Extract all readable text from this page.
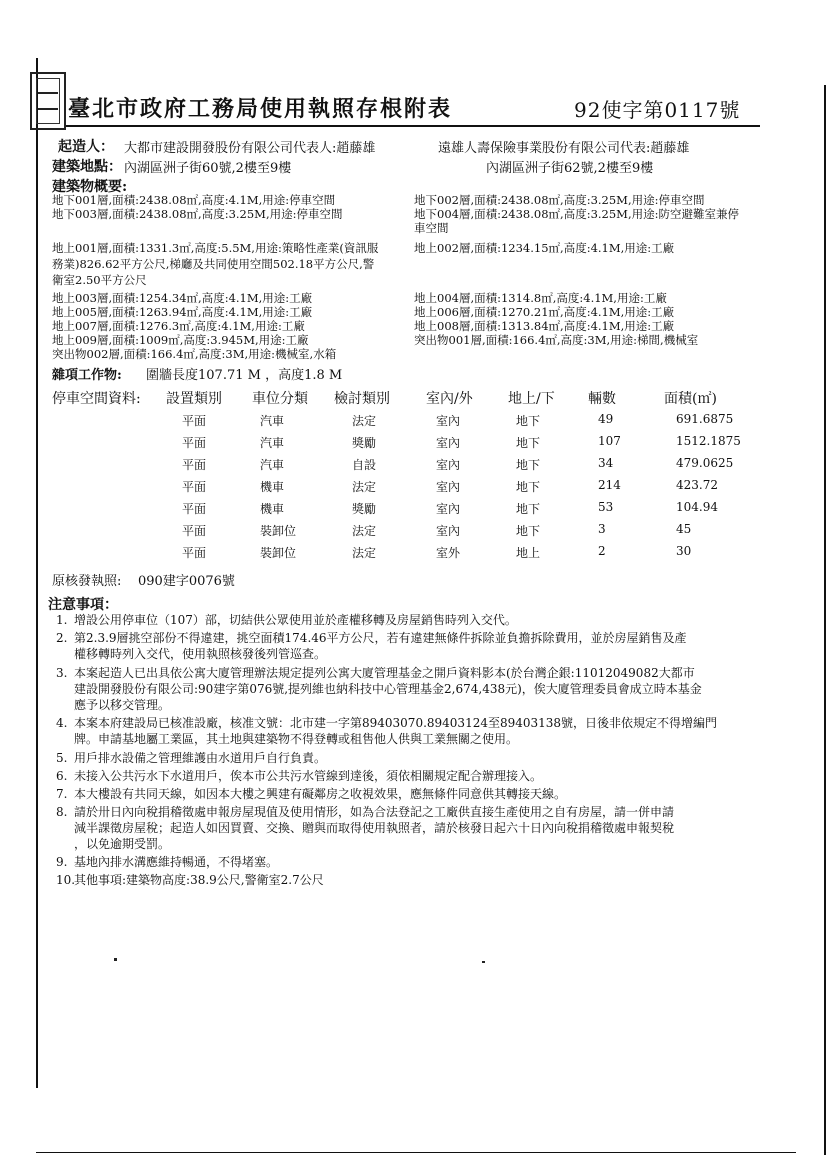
臺北市政府工務局使用執照存根附表	92使字第0117號
起造人： 大都市建設開發股份有限公司代表人:趙藤雄	遠雄人壽保險事業股份有限公司代表:趙藤雄
建築地點： 內湖區洲子街60號,2樓至9樓	內湖區洲子街62號,2樓至9樓
建築物概要:
地下001層,面積:2438.08㎡,高度:4.1M,用途:停車空間	地下002層,面積:2438.08㎡,高度:3.25M,用途:停車空間
地下003層,面積:2438.08㎡,高度:3.25M,用途:停車空間	地下004層,面積:2438.08㎡,高度:3.25M,用途:防空避難室兼停
車空間
地上001層,面積:1331.3㎡,高度:5.5M,用途:策略性產業(資訊服	地上002層,面積:1234.15㎡,高度:4.1M,用途:工廠
務業)826.62平方公尺,梯廳及共同使用空間502.18平方公尺,警
衛室2.50平方公尺
地上003層,面積:1254.34㎡,高度:4.1M,用途:工廠	地上004層,面積:1314.8㎡,高度:4.1M,用途:工廠
地上005層,面積:1263.94㎡,高度:4.1M,用途:工廠	地上006層,面積:1270.21㎡,高度:4.1M,用途:工廠
地上007層,面積:1276.3㎡,高度:4.1M,用途:工廠	地上008層,面積:1313.84㎡,高度:4.1M,用途:工廠
地上009層,面積:1009㎡,高度:3.945M,用途:工廠	突出物001層,面積:166.4㎡,高度:3M,用途:梯間,機械室
突出物002層,面積:166.4㎡,高度:3M,用途:機械室,水箱
雜項工作物: 圍牆長度107.71 M ，高度1.8 M
停車空間資料: 設置類別 車位分類 檢討類別	室內/外	地上/下 輛數	面積(㎡)
平面	汽車	法定	室內	地下	49	691.6875
平面	汽車	獎勵	室內	地下	107	1512.1875
平面	汽車	自設	室內	地下	34	479.0625
平面	機車	法定	室內	地下	214	423.72
平面	機車	獎勵	室內	地下	53	104.94
平面	裝卸位	法定	室內	地下	3	45
平面	裝卸位	法定	室外	地上	2	30
原核發執照: 090建字0076號
注意事項：
1. 增設公用停車位（107）部，切結供公眾使用並於產權移轉及房屋銷售時列入交代。
2. 第2.3.9層挑空部份不得違建，挑空面積174.46平方公尺，若有違建無條件拆除並負擔拆除費用，並於房屋銷售及產
權移轉時列入交代，使用執照核發後列管巡查。
3. 本案起造人已出具依公寓大廈管理辦法規定提列公寓大廈管理基金之開戶資料影本(於台灣企銀:11012049082大都市
建設開發股份有限公司:90建字第076號,提列維也納科技中心管理基金2,674,438元)，俟大廈管理委員會成立時本基金
應予以移交管理。
4. 本案本府建設局已核准設廠，核准文號：北市建一字第89403070.89403124至89403138號，日後非依規定不得增編門
牌。申請基地屬工業區，其土地與建築物不得登轉或租售他人供與工業無關之使用。
5. 用戶排水設備之管理維護由水道用戶自行負責。
6. 未接入公共污水下水道用戶，俟本市公共污水管線到達後，須依相關規定配合辦理接入。
7. 本大樓設有共同天線，如因本大樓之興建有礙鄰房之收視效果，應無條件同意供其轉接天線。
8. 請於卅日內向稅捐稽徵處申報房屋現值及使用情形，如為合法登記之工廠供直接生產使用之自有房屋，請一併申請
減半課徵房屋稅；起造人如因買賣、交換、贈與而取得使用執照者，請於核發日起六十日內向稅捐稽徵處申報契稅
，以免逾期受罰。
9. 基地內排水溝應維持暢通，不得堵塞。
10.
其他事項:建築物高度:38.9公尺,警衛室2.7公尺
